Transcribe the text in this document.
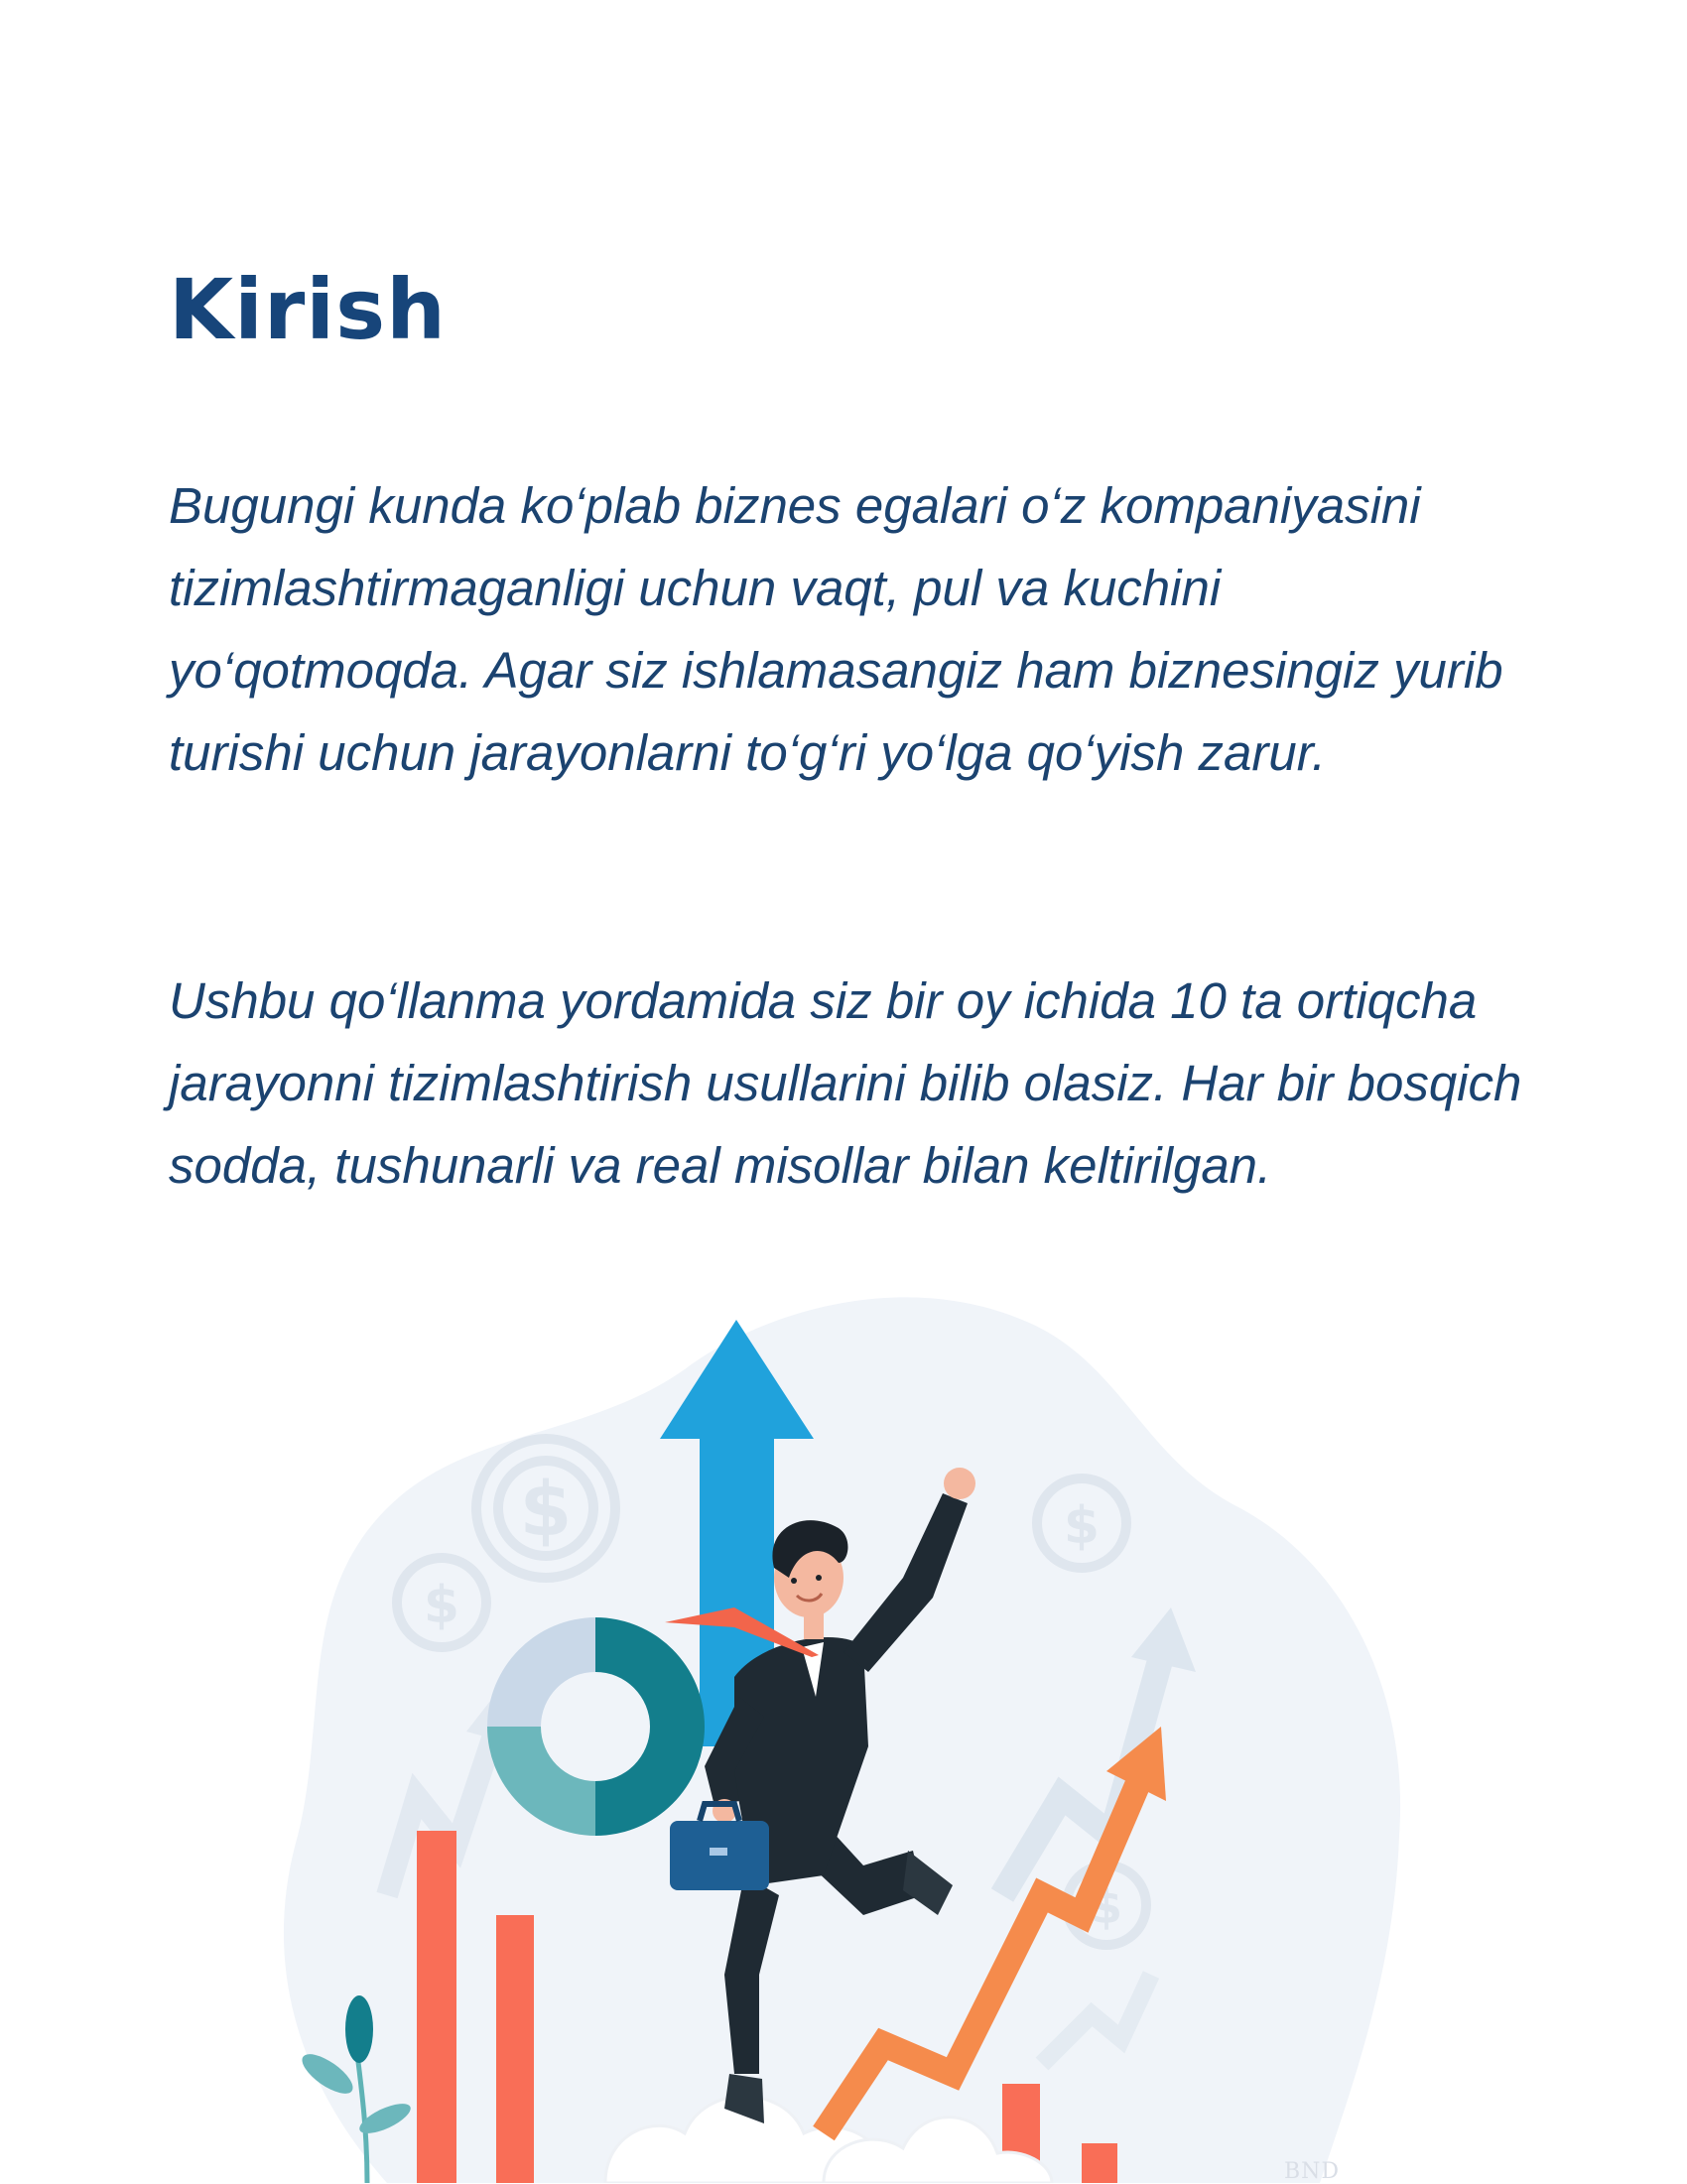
Kirish

Bugungi kunda ko‘plab biznes egalari o‘z kompaniyasini tizimlashtirmaganligi uchun vaqt, pul va kuchini yo‘qotmoqda. Agar siz ishlamasangiz ham biznesingiz yurib turishi uchun jarayonlarni to‘g‘ri yo‘lga qo‘yish zarur.

Ushbu qo‘llanma yordamida siz bir oy ichida 10 ta ortiqcha jarayonni tizimlashtirish usullarini bilib olasiz. Har bir bosqich sodda, tushunarli va real misollar bilan keltirilgan.

$
$
$
$
BND
